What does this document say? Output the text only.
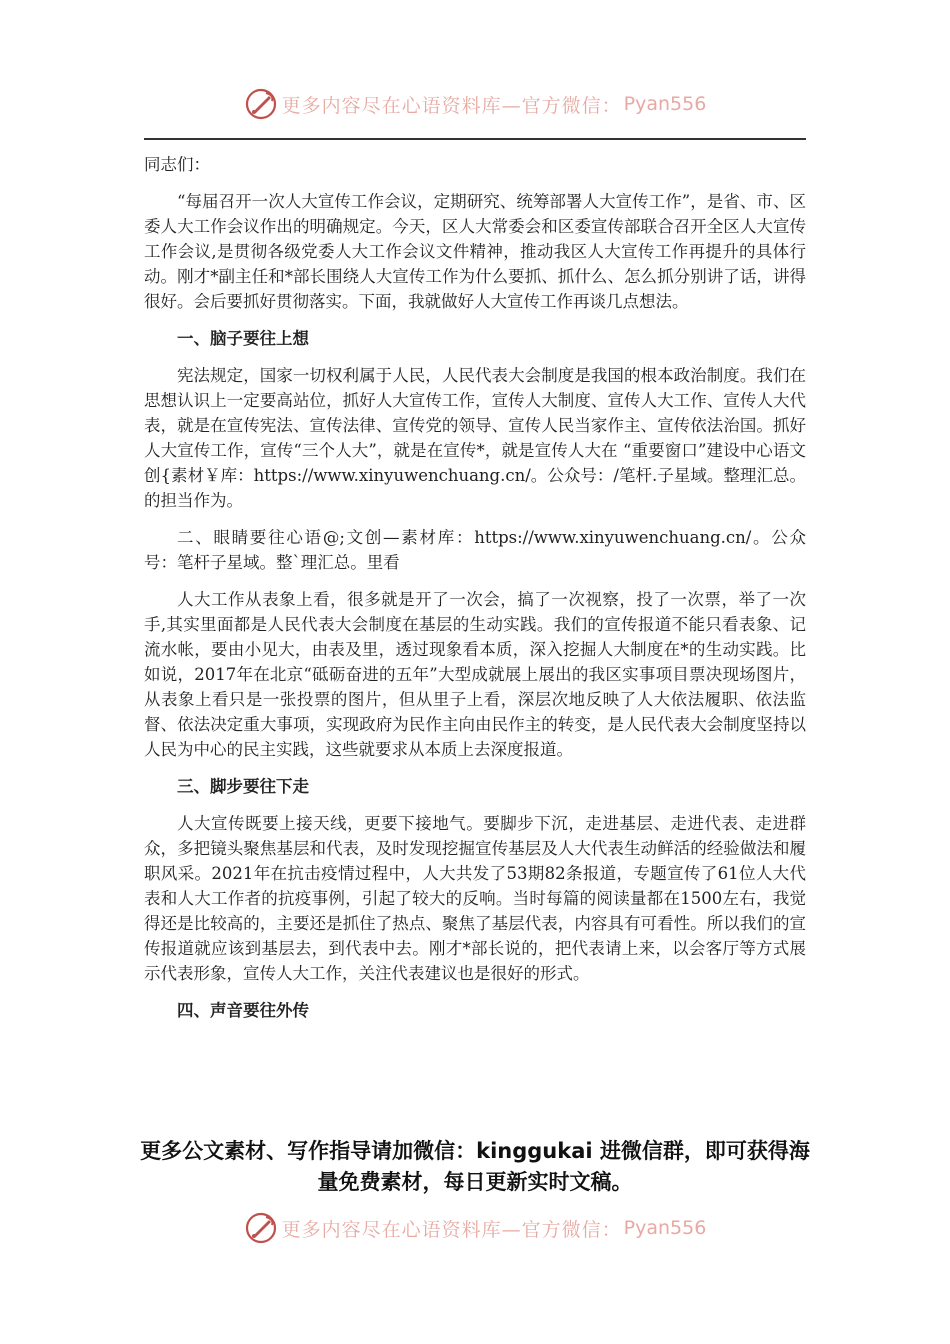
更多内容尽在心语资料库—官方微信： Pyan556

同志们：

“每届召开一次人大宣传工作会议，定期研究、统筹部署人大宣传工作”，是省、市、区委人大工作会议作出的明确规定。今天，区人大常委会和区委宣传部联合召开全区人大宣传工作会议,是贯彻各级党委人大工作会议文件精神，推动我区人大宣传工作再提升的具体行动。刚才*副主任和*部长围绕人大宣传工作为什么要抓、抓什么、怎么抓分别讲了话，讲得很好。会后要抓好贯彻落实。下面，我就做好人大宣传工作再谈几点想法。

一、脑子要往上想

宪法规定，国家一切权利属于人民，人民代表大会制度是我国的根本政治制度。我们在思想认识上一定要高站位，抓好人大宣传工作，宣传人大制度、宣传人大工作、宣传人大代表，就是在宣传宪法、宣传法律、宣传党的领导、宣传人民当家作主、宣传依法治国。抓好人大宣传工作，宣传“三个人大”，就是在宣传*，就是宣传人大在 “重要窗口”建设中心语文创{素材￥库：https://www.xinyuwenchuang.cn/。公众号：/笔杆.子星域。整理汇总。的担当作为。

二、眼睛要往心语@;文创—素材库：https://www.xinyuwenchuang.cn/。公众号：笔杆子星域。整`理汇总。里看

人大工作从表象上看，很多就是开了一次会，搞了一次视察，投了一次票，举了一次手,其实里面都是人民代表大会制度在基层的生动实践。我们的宣传报道不能只看表象、记流水帐，要由小见大，由表及里，透过现象看本质，深入挖掘人大制度在*的生动实践。比如说，2017年在北京“砥砺奋进的五年”大型成就展上展出的我区实事项目票决现场图片，从表象上看只是一张投票的图片，但从里子上看，深层次地反映了人大依法履职、依法监督、依法决定重大事项，实现政府为民作主向由民作主的转变，是人民代表大会制度坚持以人民为中心的民主实践，这些就要求从本质上去深度报道。

三、脚步要往下走

人大宣传既要上接天线，更要下接地气。要脚步下沉，走进基层、走进代表、走进群众，多把镜头聚焦基层和代表，及时发现挖掘宣传基层及人大代表生动鲜活的经验做法和履职风采。2021年在抗击疫情过程中，人大共发了53期82条报道，专题宣传了61位人大代表和人大工作者的抗疫事例，引起了较大的反响。当时每篇的阅读量都在1500左右，我觉得还是比较高的，主要还是抓住了热点、聚焦了基层代表，内容具有可看性。所以我们的宣传报道就应该到基层去，到代表中去。刚才*部长说的，把代表请上来，以会客厅等方式展示代表形象，宣传人大工作，关注代表建议也是很好的形式。

四、声音要往外传

更多公文素材、写作指导请加微信：kinggukai 进微信群，即可获得海量免费素材，每日更新实时文稿。
更多内容尽在心语资料库—官方微信： Pyan556
